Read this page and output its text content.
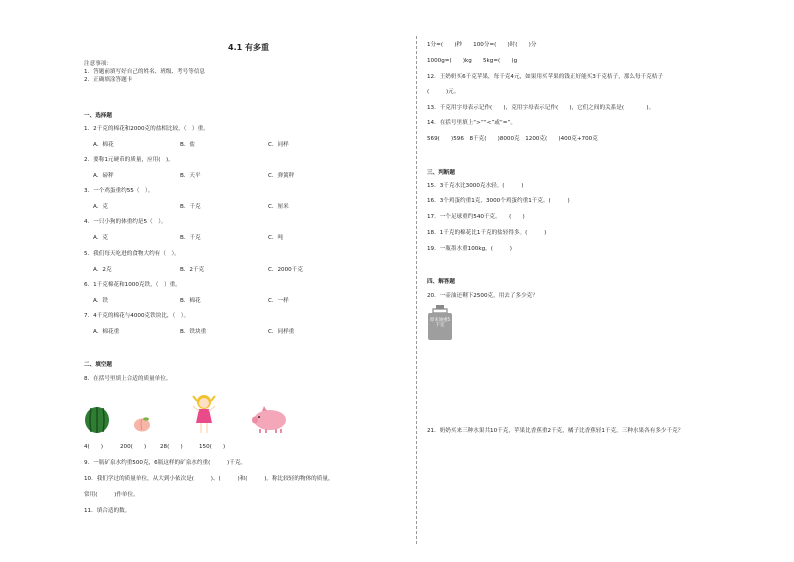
4.1 有多重
注意事项：
1．答题前填写好自己的姓名、班级、考号等信息
2．正确填涂答题卡
一、选择题
1．2千克的棉花和2000克的盐相比较，（　）重。
A．棉花	B．盐	C．同样
2．要称1元硬币的质量，应用(　)。
A．磅秤	B．天平	C．弹簧秤
3．一个鸡蛋重约55（　）。
A．克	B．千克	C．厘米
4．一只小狗的体重约是5（　）。
A．克	B．千克	C．吨
5．我们每天吃进的食物大约有（　）。
A．2克	B．2千克	C．2000千克
6．1千克棉花和1000克铁，（　）重。
A．铁	B．棉花	C．一样
7．4千克的棉花与4000克铁块比，（　）。
A．棉花重	B．铁块重	C．同样重
二、填空题
8．在括号里填上合适的质量单位。
4(　　)	200(　　) 28(　　)	150(　　)
9．一瓶矿泉水约重500克，6瓶这样的矿泉水约重(　　　)千克。
10．我们学过的质量单位，从大到小依次是(　　　)、(　　　)和(　　　)。称比较轻的物体的质量，
常用(　　　)作单位。
11．填合适的数。
1分=(　　)秒　　100分=(　　)时(　　)分
1000g=(　　)kg　　5kg=(　　)g
12．王奶奶买6千克苹果，每千克4元，如果用买苹果的钱正好能买3千克桔子，那么每千克桔子
(　　　)元。
13．千克用字母表示记作(　　)，克用字母表示记作(　　)，它们之间的关系是(　　　　)。
14．在括号里填上“>”“<”或“=”。
569(　　)596　8千克(　　)8000克　1200克(　　)400克+700克
三、判断题
15．3千克水比3000克水轻。(　　　)
16．3个鸡蛋约重1克，3000个鸡蛋约重1千克。(　　　)
17．一个足球重约540千克。　　(　　)
18．1千克的棉花比1千克的盐轻得多。(　　　)
19．一瓶墨水重100kg。(　　　)
四、解答题
20．一壶油还剩下2500克，用去了多少克？
原来油重5千克
21．奶奶买来三种水果共10千克，苹果比香蕉重2千克，橘子比香蕉轻1千克，三种水果各有多少千克？
